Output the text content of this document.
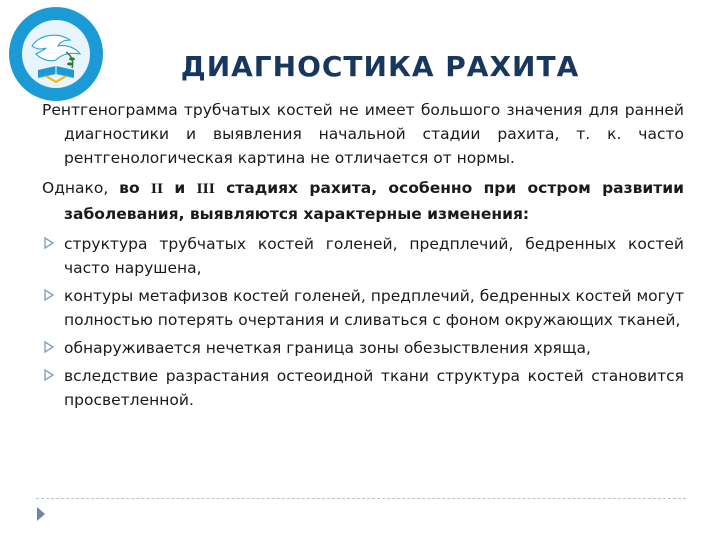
ДИАГНОСТИКА РАХИТА

Рентгенограмма трубчатых костей не имеет большого значения для ранней диагностики и выявления начальной стадии рахита, т. к. часто рентгенологическая картина не отличается от нормы.

Однако, во II и III стадиях рахита, особенно при остром развитии заболевания, выявляются характерные изменения:

структура трубчатых костей голеней, предплечий, бедренных костей часто нарушена,
контуры метафизов костей голеней, предплечий, бедренных костей могут полностью потерять очертания и сливаться с фоном окружающих тканей,
обнаруживается нечеткая граница зоны обезыствления хряща,
вследствие разрастания остеоидной ткани структура костей становится просветленной.
